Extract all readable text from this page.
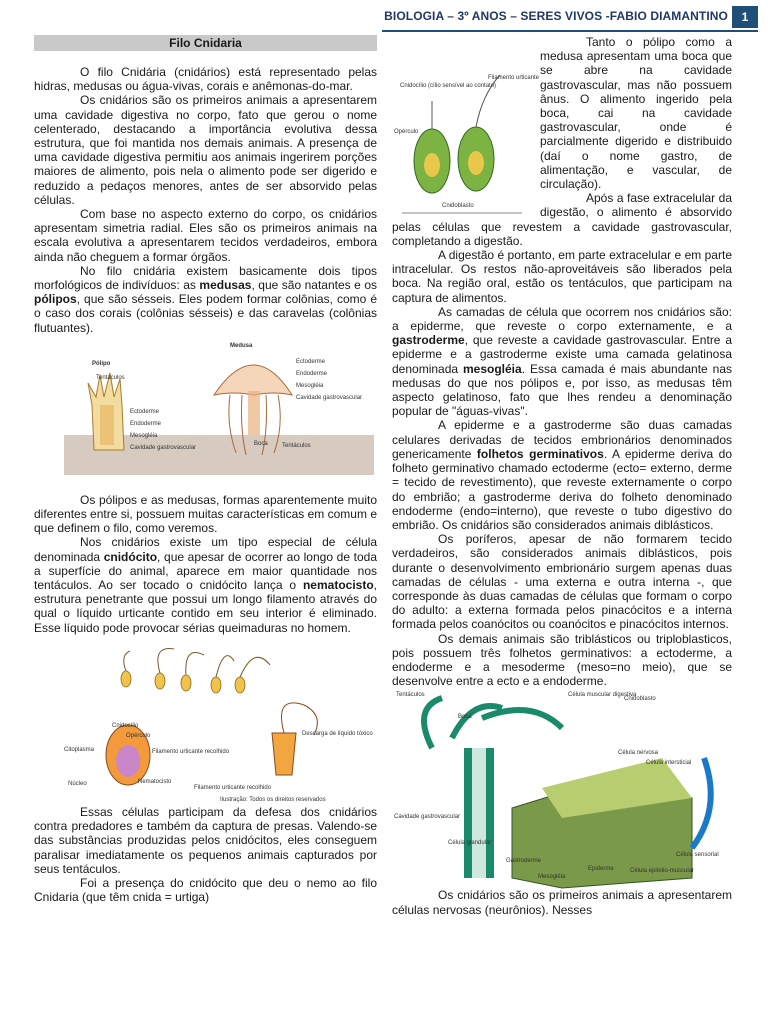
BIOLOGIA – 3º ANOS – SERES VIVOS -FABIO DIAMANTINO	1
Filo Cnidaria

O filo Cnidária (cnidários) está representado pelas hidras, medusas ou água-vivas, corais e anêmonas-do-mar.

Os cnidários são os primeiros animais a apresentarem uma cavidade digestiva no corpo, fato que gerou o nome celenterado, destacando a importância evolutiva dessa estrutura, que foi mantida nos demais animais. A presença de uma cavidade digestiva permitiu aos animais ingerirem porções maiores de alimento, pois nela o alimento pode ser digerido e reduzido a pedaços menores, antes de ser absorvido pelas células.

Com base no aspecto externo do corpo, os cnidários apresentam simetria radial. Eles são os primeiros animais na escala evolutiva a apresentarem tecidos verdadeiros, embora ainda não cheguem a formar órgãos.

No filo cnidária existem basicamente dois tipos morfológicos de indivíduos: as medusas, que são natantes e os pólipos, que são sésseis. Eles podem formar colônias, como é o caso dos corais (colônias sésseis) e das caravelas (colônias flutuantes).

Pólipo
Tentáculos
Ectoderme
Endoderme
Mesogléia
Cavidade gastrovascular
Medusa
Ectoderme
Endoderme
Mesogléia
Cavidade gastrovascular
Boca Tentáculos

Os pólipos e as medusas, formas aparentemente muito diferentes entre si, possuem muitas características em comum e que definem o filo, como veremos.

Nos cnidários existe um tipo especial de célula denominada cnidócito, que apesar de ocorrer ao longo de toda a superfície do animal, aparece em maior quantidade nos tentáculos. Ao ser tocado o cnidócito lança o nematocisto, estrutura penetrante que possui um longo filamento através do qual o líquido urticante contido em seu interior é eliminado. Esse líquido pode provocar sérias queimaduras no homem.

Cnidocílio
Opérculo
Citoplasma	Filamento urticante recolhido
Núcleo	Nematocisto
Descarga de líquido tóxico
Filamento urticante recolhido
Ilustração: Todos os direitos reservados

Essas células participam da defesa dos cnidários contra predadores e também da captura de presas. Valendo-se das substâncias produzidas pelos cnidócitos, eles conseguem paralisar imediatamente os pequenos animais capturados por seus tentáculos.

Foi a presença do cnidócito que deu o nemo ao filo Cnidaria (que têm cnida = urtiga)

Cnidocílio (cílio sensível ao contato)
Filamento urticante
Opérculo
Cnidoblasto

Tanto o pólipo como a medusa apresentam uma boca que se abre na cavidade gastrovascular, mas não possuem ânus. O alimento ingerido pela boca, cai na cavidade gastrovascular, onde é parcialmente digerido e distribuido (daí o nome gastro, de alimentação, e vascular, de circulação).

Após a fase extracelular da digestão, o alimento é absorvido pelas células que revestem a cavidade gastrovascular, completando a digestão.

A digestão é portanto, em parte extracelular e em parte intracelular. Os restos não-aproveitáveis são liberados pela boca. Na região oral, estão os tentáculos, que participam na captura de alimentos.

As camadas de célula que ocorrem nos cnidários são: a epiderme, que reveste o corpo externamente, e a gastroderme, que reveste a cavidade gastrovascular. Entre a epiderme e a gastroderme existe uma camada gelatinosa denominada mesogléia. Essa camada é mais abundante nas medusas do que nos pólipos e, por isso, as medusas têm aspecto gelatinoso, fato que lhes rendeu a denominação popular de "águas-vivas".

A epiderme e a gastroderme são duas camadas celulares derivadas de tecidos embrionários denominados genericamente folhetos germinativos. A epiderme deriva do folheto germinativo chamado ectoderme (ecto= externo, derme = tecido de revestimento), que reveste externamente o corpo do embrião; a gastroderme deriva do folheto denominado endoderme (endo=interno), que reveste o tubo digestivo do embrião. Os cnidários são considerados animais diblásticos.

Os poríferos, apesar de não formarem tecido verdadeiros, são considerados animais diblásticos, pois durante o desenvolvimento embrionário surgem apenas duas camadas de células - uma externa e outra interna -, que corresponde às duas camadas de células que formam o corpo do adulto: a externa formada pelos pinacócitos e a interna formada pelos coanócitos ou coanócitos e pinacócitos internos.

Os demais animais são triblásticos ou triploblasticos, pois possuem três folhetos germinativos: a ectoderme, a endoderme e a mesoderme (meso=no meio), que se desenvolve entre a ecto e a endoderme.

Tentáculos
Boca
Célula muscular digestiva
Cnidoblasto
Célula nervosa
Célula intersticial
Cavidade gastrovascular
Célula glandular
Gastroderme
Mesogléia
Epiderme	Célula epitelio-muscular
Célula sensorial

Os cnidários são os primeiros animais a apresentarem células nervosas (neurônios). Nesses
